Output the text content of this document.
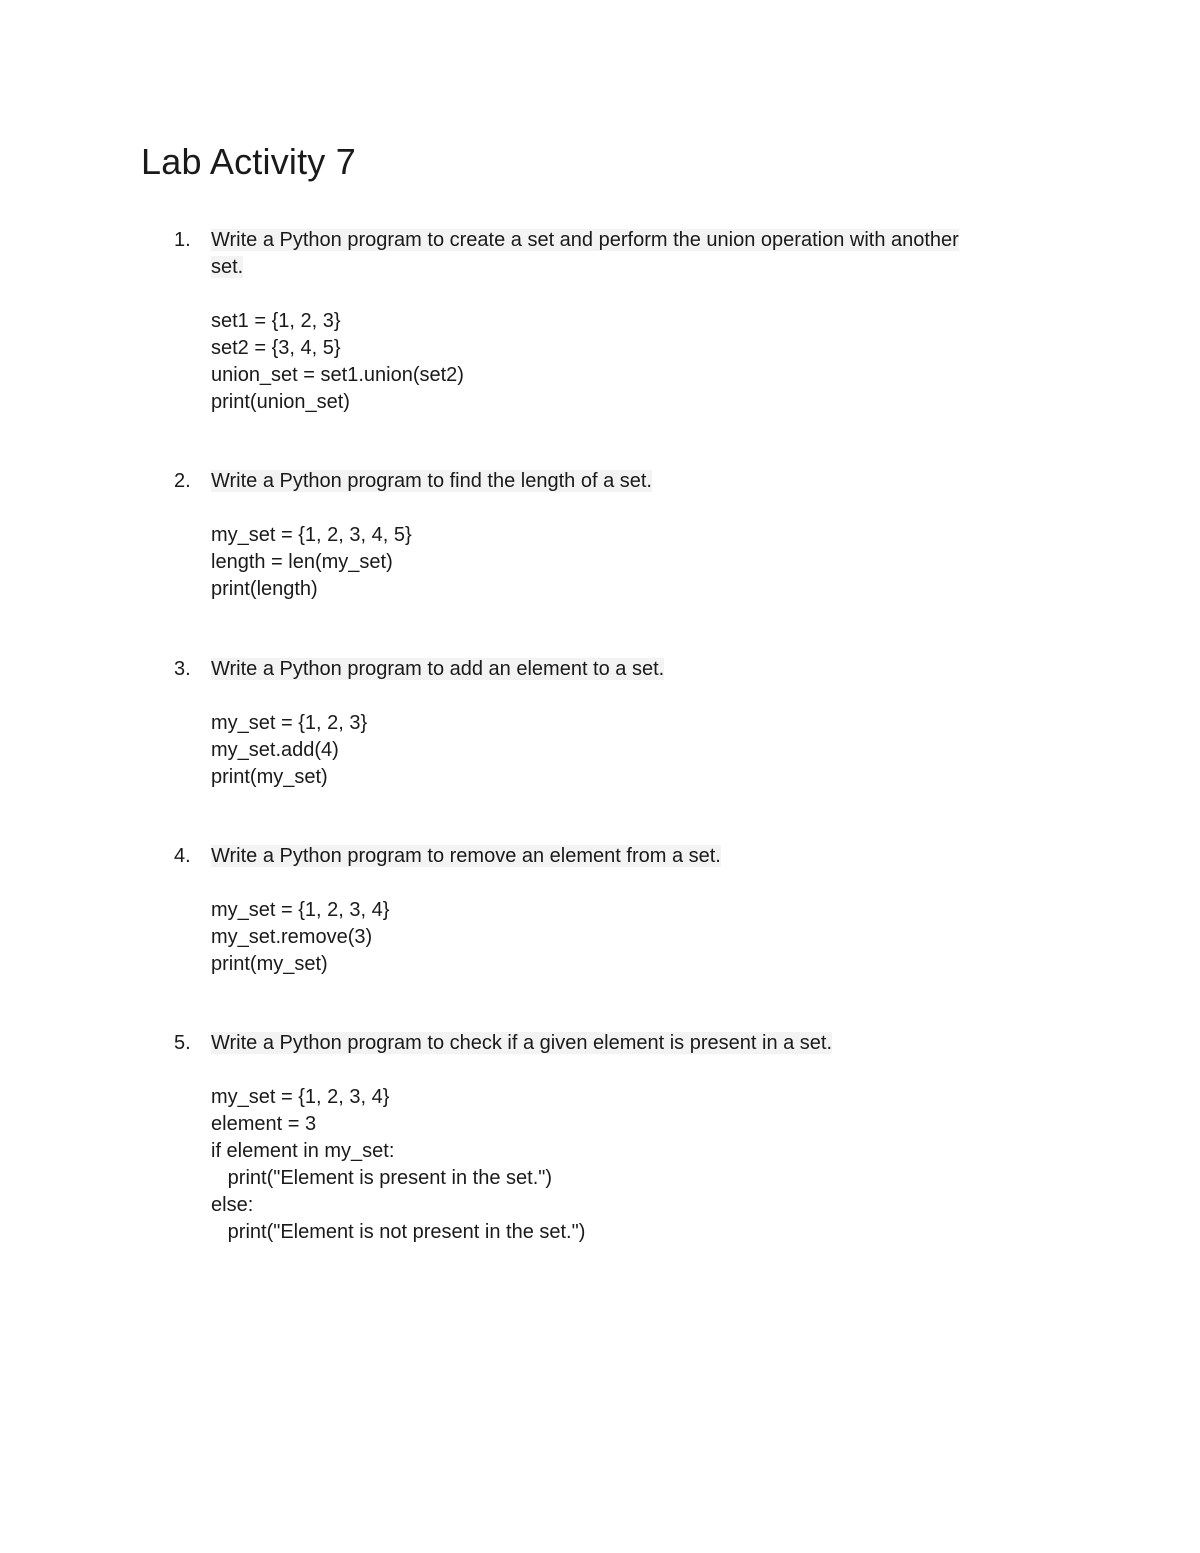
Lab Activity 7
1. Write a Python program to create a set and perform the union operation with another
set.
set1 = {1, 2, 3}
set2 = {3, 4, 5}
union_set = set1.union(set2)
print(union_set)
2. Write a Python program to find the length of a set.
my_set = {1, 2, 3, 4, 5}
length = len(my_set)
print(length)
3. Write a Python program to add an element to a set.
my_set = {1, 2, 3}
my_set.add(4)
print(my_set)
4. Write a Python program to remove an element from a set.
my_set = {1, 2, 3, 4}
my_set.remove(3)
print(my_set)
5. Write a Python program to check if a given element is present in a set.
my_set = {1, 2, 3, 4}
element = 3
if element in my_set:
print("Element is present in the set.")
else:
print("Element is not present in the set.")
